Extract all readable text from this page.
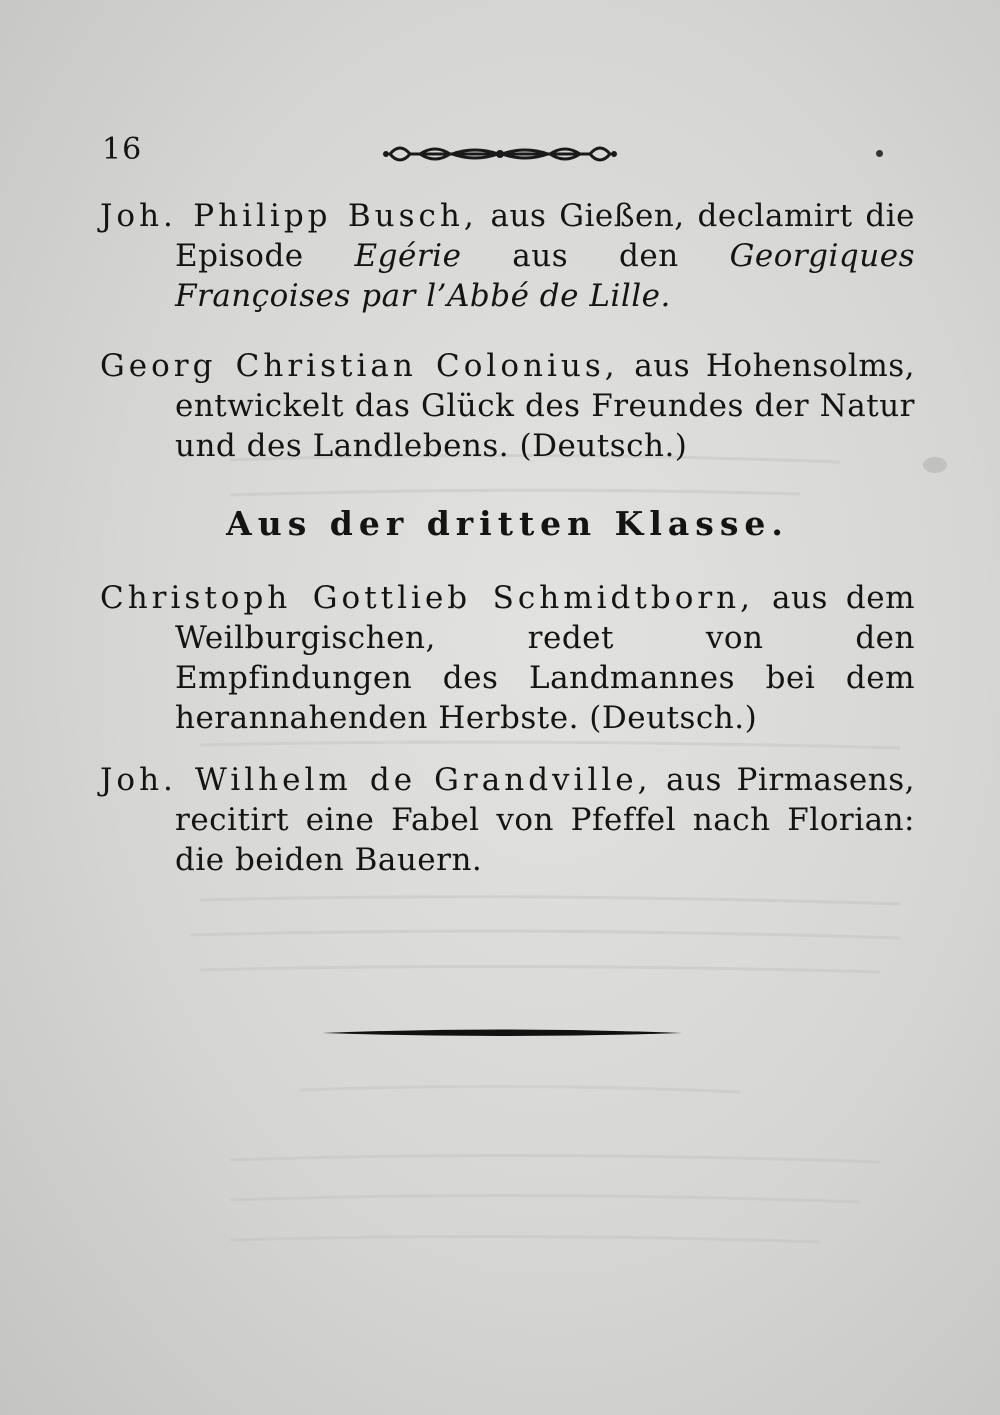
16

Joh. Philipp Busch, aus Gießen, declamirt die Episode Egérie aus den Georgiques Françoises par l’Abbé de Lille.

Georg Christian Colonius, aus Hohensolms, entwickelt das Glück des Freundes der Natur und des Landlebens. (Deutsch.)

Aus der dritten Klasse.

Christoph Gottlieb Schmidtborn, aus dem Weilburgischen, redet von den Empfindungen des Landmannes bei dem herannahenden Herbste. (Deutsch.)

Joh. Wilhelm de Grandville, aus Pirmasens, recitirt eine Fabel von Pfeffel nach Florian: die beiden Bauern.
